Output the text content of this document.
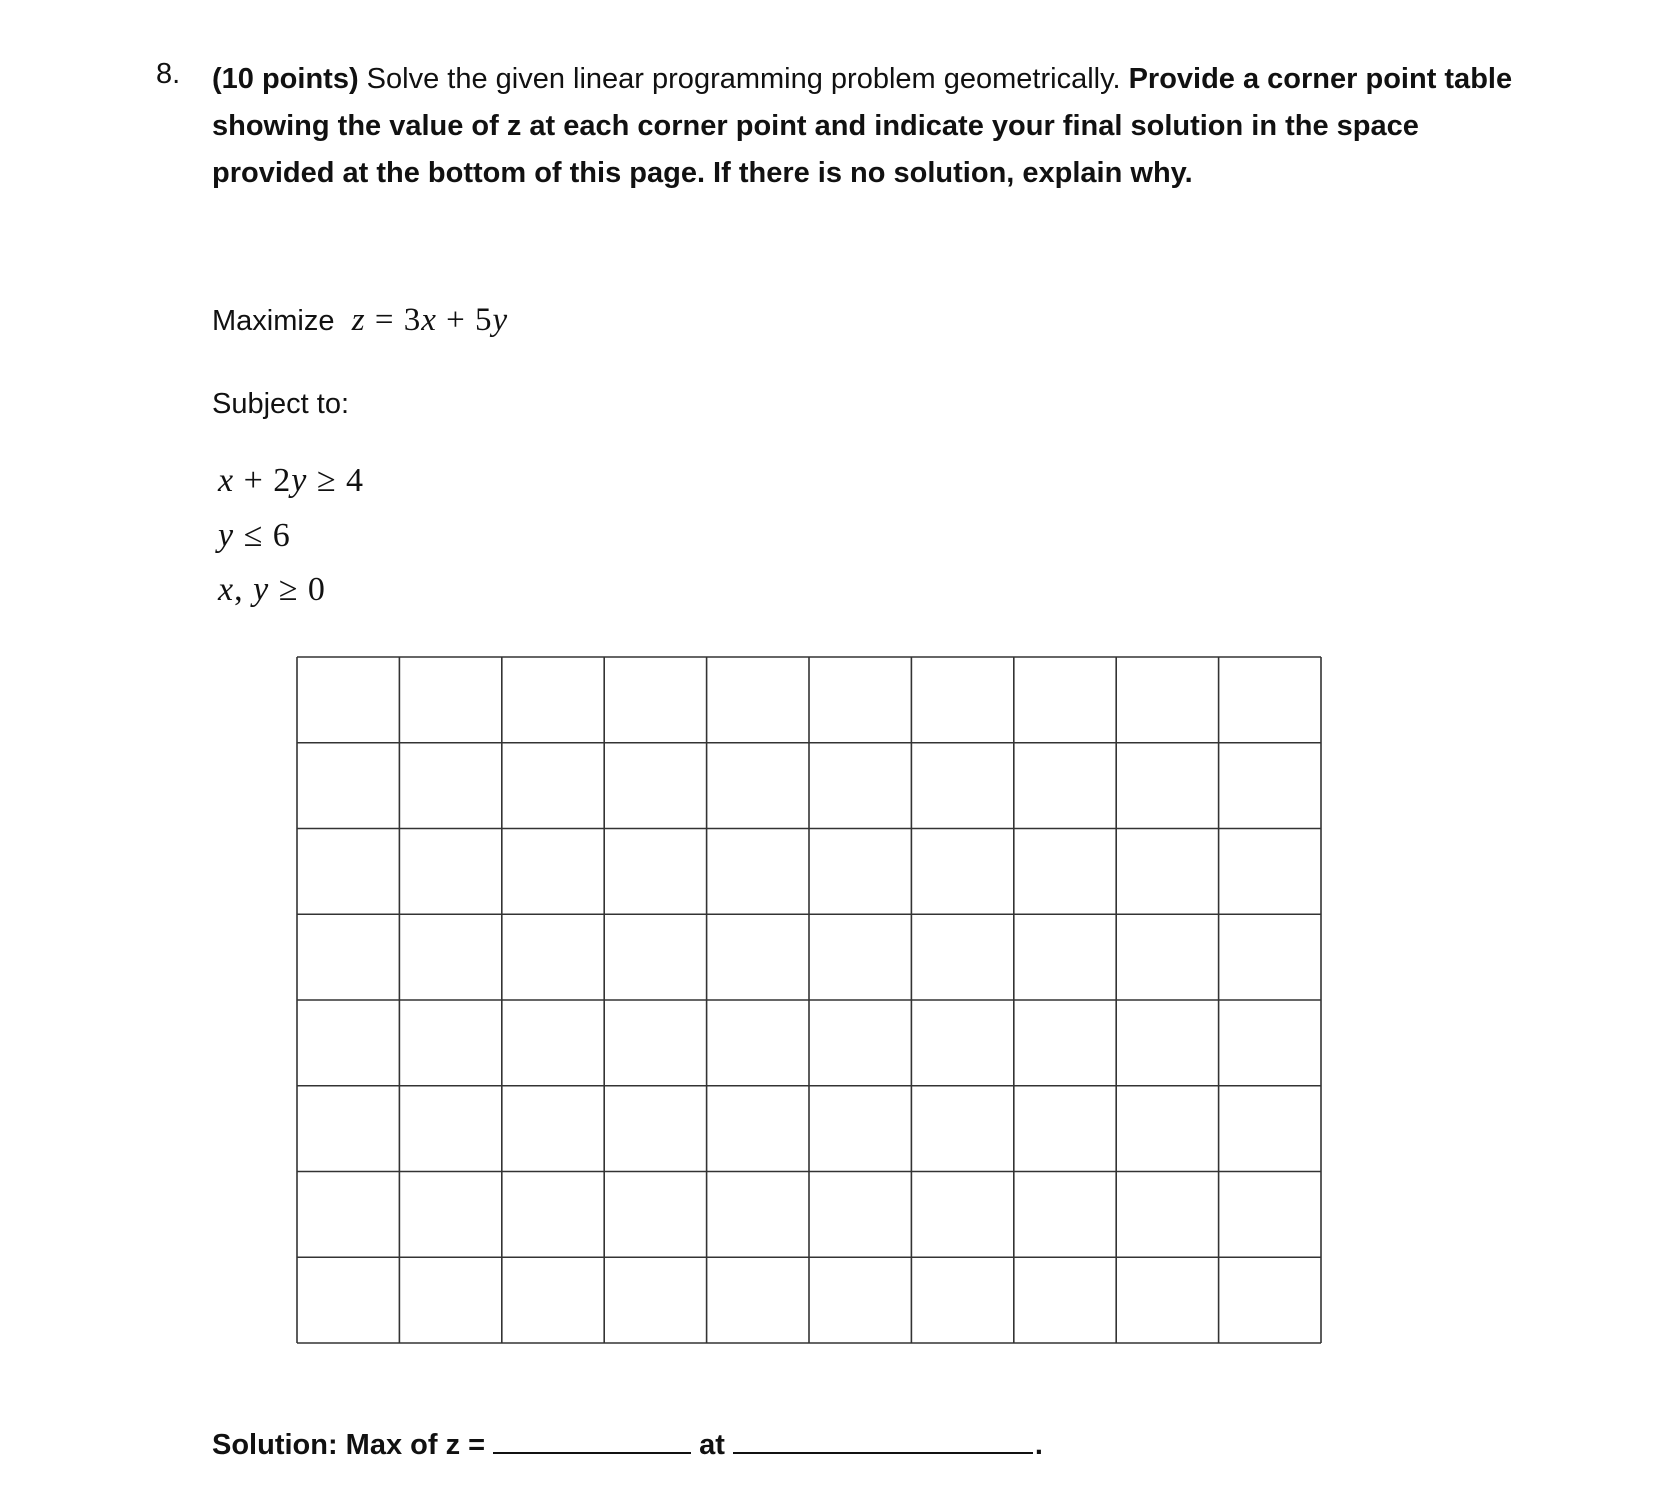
8. (10 points) Solve the given linear programming problem geometrically. Provide a corner point table showing the value of z at each corner point and indicate your final solution in the space provided at the bottom of this page. If there is no solution, explain why.
Maximize z = 3x + 5y
Subject to:
x + 2y ≥ 4
y ≤ 6
x, y ≥ 0
Solution: Max of z =	at	.
